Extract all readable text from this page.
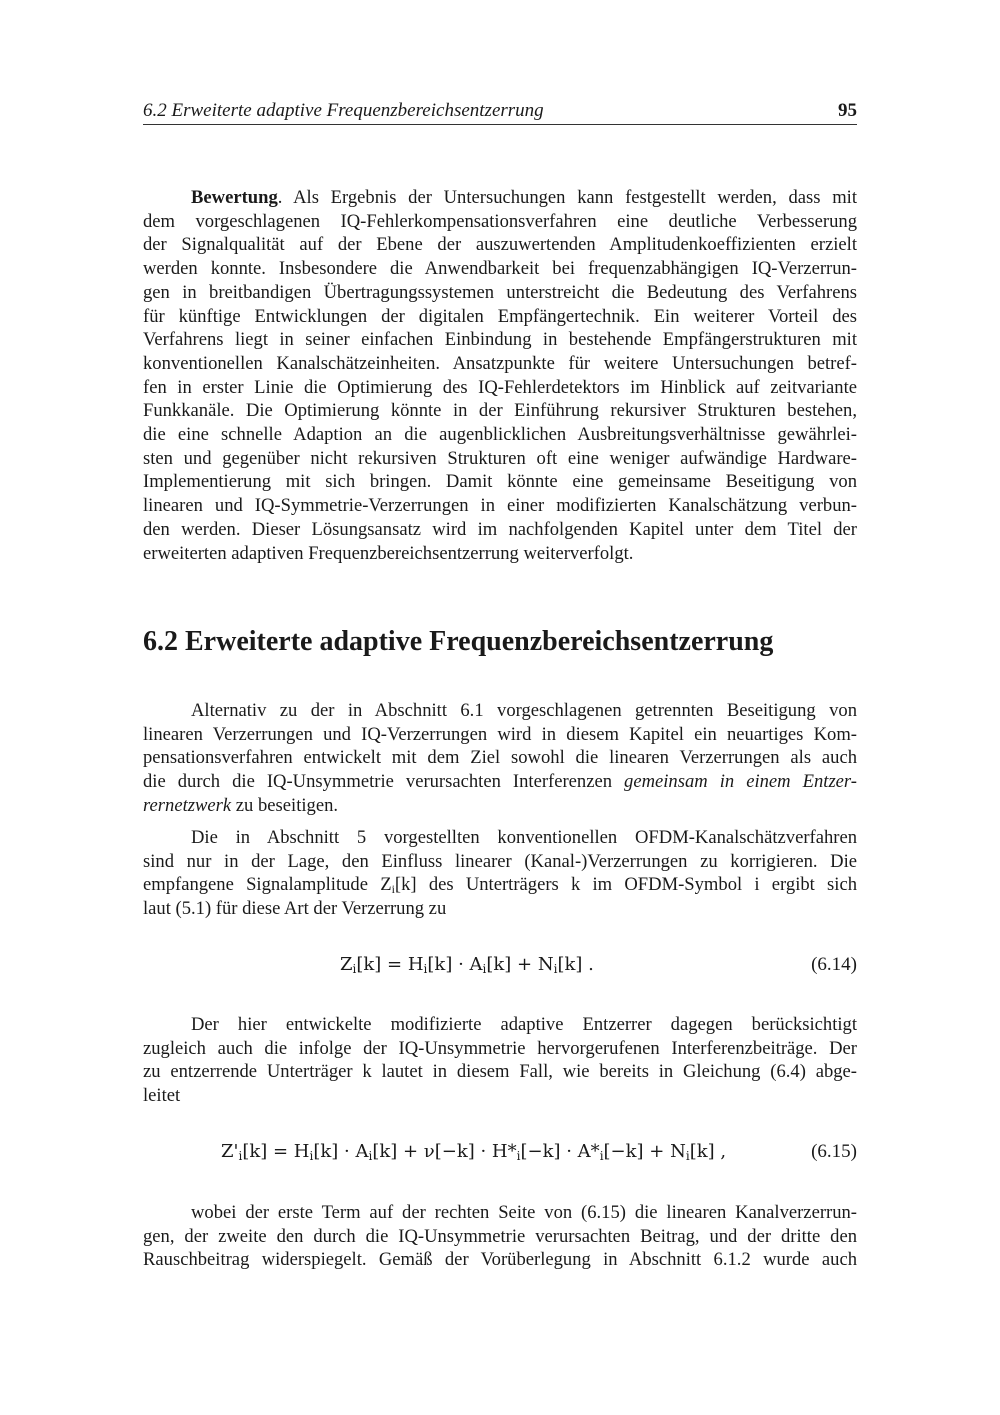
6.2 Erweiterte adaptive Frequenzbereichsentzerrung	95
Bewertung. Als Ergebnis der Untersuchungen kann festgestellt werden, dass mit
dem vorgeschlagenen IQ-Fehlerkompensationsverfahren eine deutliche Verbesserung
der Signalqualität auf der Ebene der auszuwertenden Amplitudenkoeffizienten erzielt
werden konnte. Insbesondere die Anwendbarkeit bei frequenzabhängigen IQ-Verzerrun-
gen in breitbandigen Übertragungssystemen unterstreicht die Bedeutung des Verfahrens
für künftige Entwicklungen der digitalen Empfängertechnik. Ein weiterer Vorteil des
Verfahrens liegt in seiner einfachen Einbindung in bestehende Empfängerstrukturen mit
konventionellen Kanalschätzeinheiten. Ansatzpunkte für weitere Untersuchungen betref-
fen in erster Linie die Optimierung des IQ-Fehlerdetektors im Hinblick auf zeitvariante
Funkkanäle. Die Optimierung könnte in der Einführung rekursiver Strukturen bestehen,
die eine schnelle Adaption an die augenblicklichen Ausbreitungsverhältnisse gewährlei-
sten und gegenüber nicht rekursiven Strukturen oft eine weniger aufwändige Hardware-
Implementierung mit sich bringen. Damit könnte eine gemeinsame Beseitigung von
linearen und IQ-Symmetrie-Verzerrungen in einer modifizierten Kanalschätzung verbun-
den werden. Dieser Lösungsansatz wird im nachfolgenden Kapitel unter dem Titel der
erweiterten adaptiven Frequenzbereichsentzerrung weiterverfolgt.
6.2 Erweiterte adaptive Frequenzbereichsentzerrung
Alternativ zu der in Abschnitt 6.1 vorgeschlagenen getrennten Beseitigung von
linearen Verzerrungen und IQ-Verzerrungen wird in diesem Kapitel ein neuartiges Kom-
pensationsverfahren entwickelt mit dem Ziel sowohl die linearen Verzerrungen als auch
die durch die IQ-Unsymmetrie verursachten Interferenzen gemeinsam in einem Entzer-
rernetzwerk zu beseitigen.
Die in Abschnitt 5 vorgestellten konventionellen OFDM-Kanalschätzverfahren
sind nur in der Lage, den Einfluss linearer (Kanal-)Verzerrungen zu korrigieren. Die
empfangene Signalamplitude $Z_i[k]$ des Unterträgers k im OFDM-Symbol i ergibt sich
laut (5.1) für diese Art der Verzerrung zu
$Z_i[k] = H_i[k] \cdot A_i[k] + N_i[k]$ .	(6.14)
Der hier entwickelte modifizierte adaptive Entzerrer dagegen berücksichtigt
zugleich auch die infolge der IQ-Unsymmetrie hervorgerufenen Interferenzbeiträge. Der
zu entzerrende Unterträger k lautet in diesem Fall, wie bereits in Gleichung (6.4) abge-
leitet
$Z'_i[k] = H_i[k] \cdot A_i[k] + \nu[-k] \cdot H*_i[-k] \cdot A*_i[-k] + N_i[k]$ ,	(6.15)
wobei der erste Term auf der rechten Seite von (6.15) die linearen Kanalverzerrun-
gen, der zweite den durch die IQ-Unsymmetrie verursachten Beitrag, und der dritte den
Rauschbeitrag widerspiegelt. Gemäß der Vorüberlegung in Abschnitt 6.1.2 wurde auch
